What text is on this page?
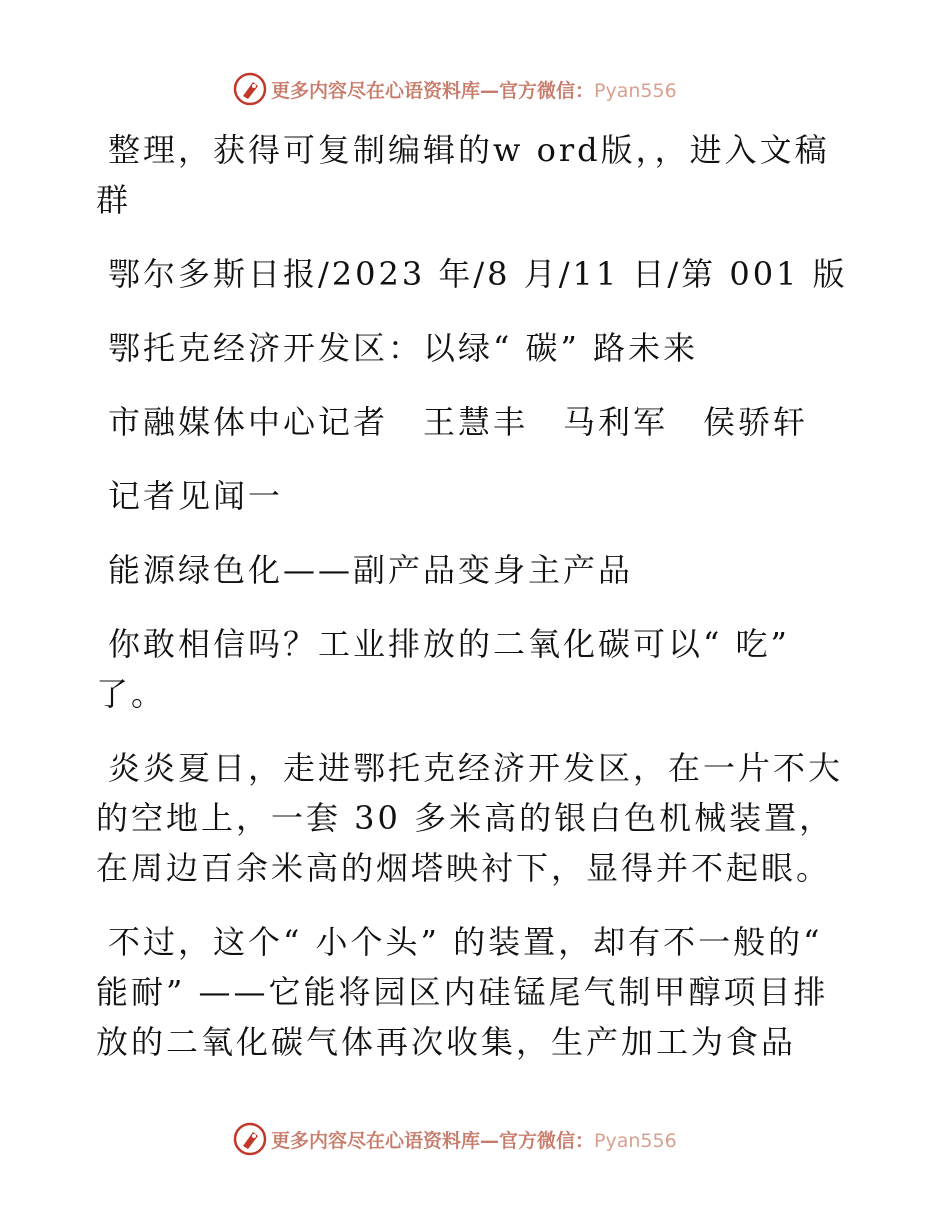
更多内容尽在心语资料库—官方微信：Pyan556

整理，获得可复制编辑的w ord版，，进入文稿群

鄂尔多斯日报/2023 年/8 月/11 日/第 001 版

鄂托克经济开发区：以绿“ 碳” 路未来

市融媒体中心记者　王慧丰　马利军　侯骄轩

记者见闻一

能源绿色化——副产品变身主产品

你敢相信吗？工业排放的二氧化碳可以“ 吃” 了。

炎炎夏日，走进鄂托克经济开发区，在一片不大的空地上，一套 30 多米高的银白色机械装置，在周边百余米高的烟塔映衬下，显得并不起眼。

不过，这个“ 小个头” 的装置，却有不一般的“ 能耐” ——它能将园区内硅锰尾气制甲醇项目排放的二氧化碳气体再次收集，生产加工为食品

更多内容尽在心语资料库—官方微信：Pyan556
